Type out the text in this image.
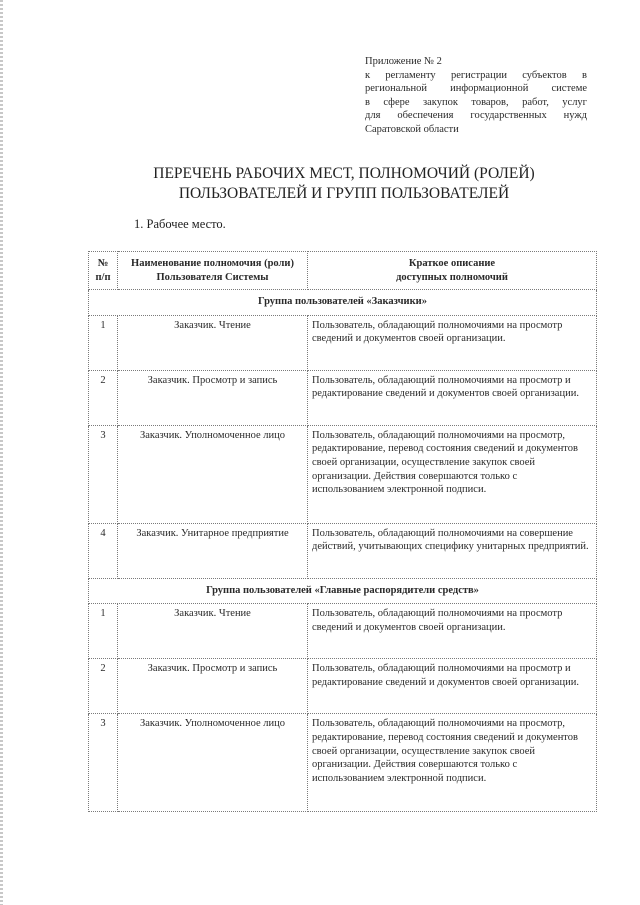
Приложение № 2
к регламенту регистрации субъектов в
региональной информационной системе
в сфере закупок товаров, работ, услуг
для обеспечения государственных нужд
Саратовской области
ПЕРЕЧЕНЬ РАБОЧИХ МЕСТ, ПОЛНОМОЧИЙ (РОЛЕЙ)
ПОЛЬЗОВАТЕЛЕЙ И ГРУПП ПОЛЬЗОВАТЕЛЕЙ
1. Рабочее место.
№ п/п	Наименование полномочия (роли) Пользователя Системы	Краткое описание
доступных полномочий

Группа пользователей «Заказчики»		
1	Заказчик. Чтение	Пользователь, обладающий полномочиями на просмотр сведений и документов своей организации.
2	Заказчик. Просмотр и запись	Пользователь, обладающий полномочиями на просмотр и редактирование сведений и документов своей организации.
3	Заказчик. Уполномоченное лицо	Пользователь, обладающий полномочиями на просмотр, редактирование, перевод состояния сведений и документов своей организации, осуществление закупок своей организации. Действия совершаются только с использованием электронной подписи.
4	Заказчик. Унитарное предприятие	Пользователь, обладающий полномочиями на совершение действий, учитывающих специфику унитарных предприятий.
Группа пользователей «Главные распорядители средств»		
1	Заказчик. Чтение	Пользователь, обладающий полномочиями на просмотр сведений и документов своей организации.
2	Заказчик. Просмотр и запись	Пользователь, обладающий полномочиями на просмотр и редактирование сведений и документов своей организации.
3	Заказчик. Уполномоченное лицо	Пользователь, обладающий полномочиями на просмотр, редактирование, перевод состояния сведений и документов своей организации, осуществление закупок своей организации. Действия совершаются только с использованием электронной подписи.
